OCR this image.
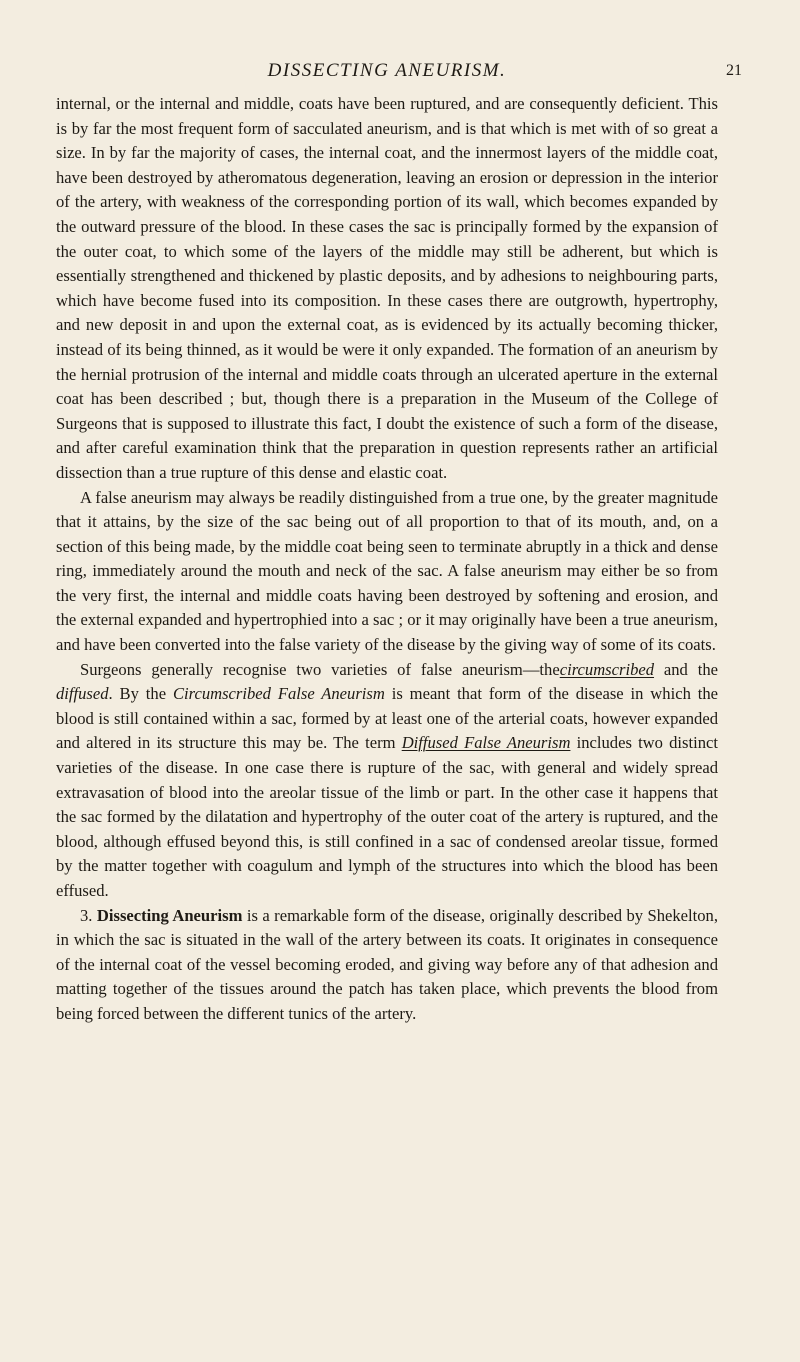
DISSECTING ANEURISM.	21

internal, or the internal and middle, coats have been ruptured, and are consequently deficient. This is by far the most frequent form of sacculated aneurism, and is that which is met with of so great a size. In by far the majority of cases, the internal coat, and the innermost layers of the middle coat, have been destroyed by atheromatous degeneration, leaving an erosion or depression in the interior of the artery, with weakness of the corresponding portion of its wall, which becomes expanded by the outward pressure of the blood. In these cases the sac is principally formed by the expansion of the outer coat, to which some of the layers of the middle may still be adherent, but which is essentially strengthened and thickened by plastic deposits, and by adhesions to neighbouring parts, which have become fused into its composition. In these cases there are outgrowth, hypertrophy, and new deposit in and upon the external coat, as is evidenced by its actually becoming thicker, instead of its being thinned, as it would be were it only expanded. The formation of an aneurism by the hernial protrusion of the internal and middle coats through an ulcerated aperture in the external coat has been described ; but, though there is a preparation in the Museum of the College of Surgeons that is supposed to illustrate this fact, I doubt the existence of such a form of the disease, and after careful examination think that the preparation in question represents rather an artificial dissection than a true rupture of this dense and elastic coat.

A false aneurism may always be readily distinguished from a true one, by the greater magnitude that it attains, by the size of the sac being out of all proportion to that of its mouth, and, on a section of this being made, by the middle coat being seen to terminate abruptly in a thick and dense ring, immediately around the mouth and neck of the sac. A false aneurism may either be so from the very first, the internal and middle coats having been destroyed by softening and erosion, and the external expanded and hypertrophied into a sac ; or it may originally have been a true aneurism, and have been converted into the false variety of the disease by the giving way of some of its coats.

Surgeons generally recognise two varieties of false aneurism—thecircumscribed and the diffused. By the Circumscribed False Aneurism is meant that form of the disease in which the blood is still contained within a sac, formed by at least one of the arterial coats, however expanded and altered in its structure this may be. The term Diffused False Aneurism includes two distinct varieties of the disease. In one case there is rupture of the sac, with general and widely spread extravasation of blood into the areolar tissue of the limb or part. In the other case it happens that the sac formed by the dilatation and hypertrophy of the outer coat of the artery is ruptured, and the blood, although effused beyond this, is still confined in a sac of condensed areolar tissue, formed by the matter together with coagulum and lymph of the structures into which the blood has been effused.

3. Dissecting Aneurism is a remarkable form of the disease, originally described by Shekelton, in which the sac is situated in the wall of the artery between its coats. It originates in consequence of the internal coat of the vessel becoming eroded, and giving way before any of that adhesion and matting together of the tissues around the patch has taken place, which prevents the blood from being forced between the different tunics of the artery.
